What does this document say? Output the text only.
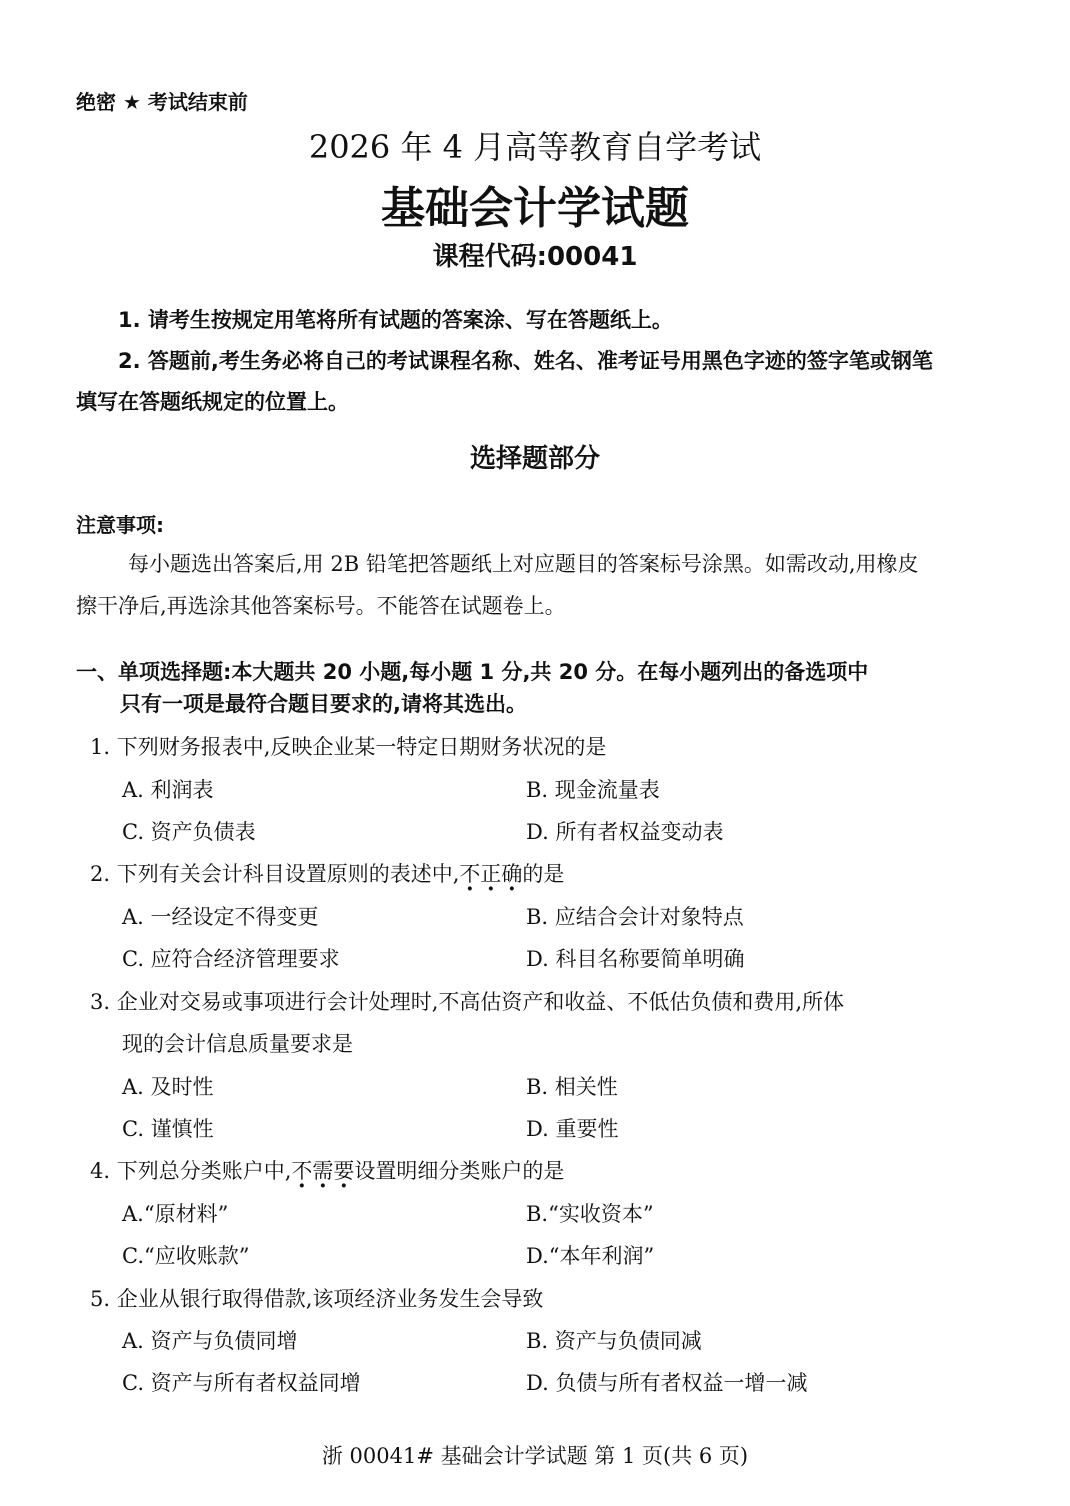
绝密 ★ 考试结束前
2026 年 4 月高等教育自学考试
基础会计学试题
课程代码:00041
1. 请考生按规定用笔将所有试题的答案涂、写在答题纸上。
2. 答题前,考生务必将自己的考试课程名称、姓名、准考证号用黑色字迹的签字笔或钢笔
填写在答题纸规定的位置上。
选择题部分
注意事项:
每小题选出答案后,用 2B 铅笔把答题纸上对应题目的答案标号涂黑。如需改动,用橡皮
擦干净后,再选涂其他答案标号。不能答在试题卷上。
一、单项选择题:本大题共 20 小题,每小题 1 分,共 20 分。在每小题列出的备选项中
只有一项是最符合题目要求的,请将其选出。
1. 下列财务报表中,反映企业某一特定日期财务状况的是
A. 利润表	B. 现金流量表
C. 资产负债表	D. 所有者权益变动表
2. 下列有关会计科目设置原则的表述中,不正确的是
A. 一经设定不得变更	B. 应结合会计对象特点
C. 应符合经济管理要求	D. 科目名称要简单明确
3. 企业对交易或事项进行会计处理时,不高估资产和收益、不低估负债和费用,所体
现的会计信息质量要求是
A. 及时性	B. 相关性
C. 谨慎性	D. 重要性
4. 下列总分类账户中,不需要设置明细分类账户的是
A.“原材料”	B.“实收资本”
C.“应收账款”	D.“本年利润”
5. 企业从银行取得借款,该项经济业务发生会导致
A. 资产与负债同增	B. 资产与负债同减
C. 资产与所有者权益同增	D. 负债与所有者权益一增一减
浙 00041# 基础会计学试题 第 1 页(共 6 页)
